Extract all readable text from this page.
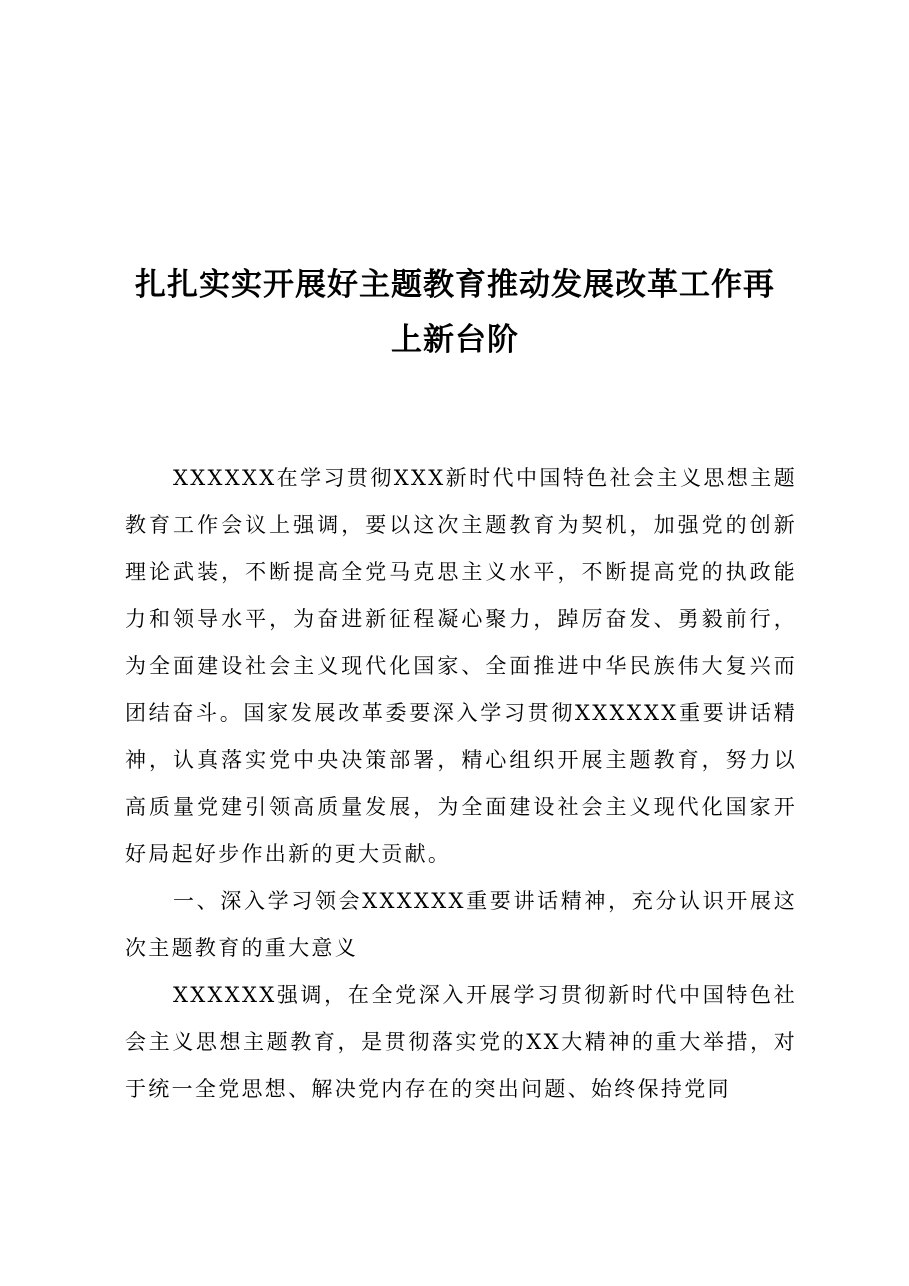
扎扎实实开展好主题教育推动发展改革工作再
上新台阶

XXXXXX在学习贯彻XXX新时代中国特色社会主义思想主题教育工作会议上强调，要以这次主题教育为契机，加强党的创新理论武装，不断提高全党马克思主义水平，不断提高党的执政能力和领导水平，为奋进新征程凝心聚力，踔厉奋发、勇毅前行，为全面建设社会主义现代化国家、全面推进中华民族伟大复兴而团结奋斗。国家发展改革委要深入学习贯彻XXXXXX重要讲话精神，认真落实党中央决策部署，精心组织开展主题教育，努力以高质量党建引领高质量发展，为全面建设社会主义现代化国家开好局起好步作出新的更大贡献。

一、深入学习领会XXXXXX重要讲话精神，充分认识开展这次主题教育的重大意义

XXXXXX强调，在全党深入开展学习贯彻新时代中国特色社会主义思想主题教育，是贯彻落实党的XX大精神的重大举措，对于统一全党思想、解决党内存在的突出问题、始终保持党同
